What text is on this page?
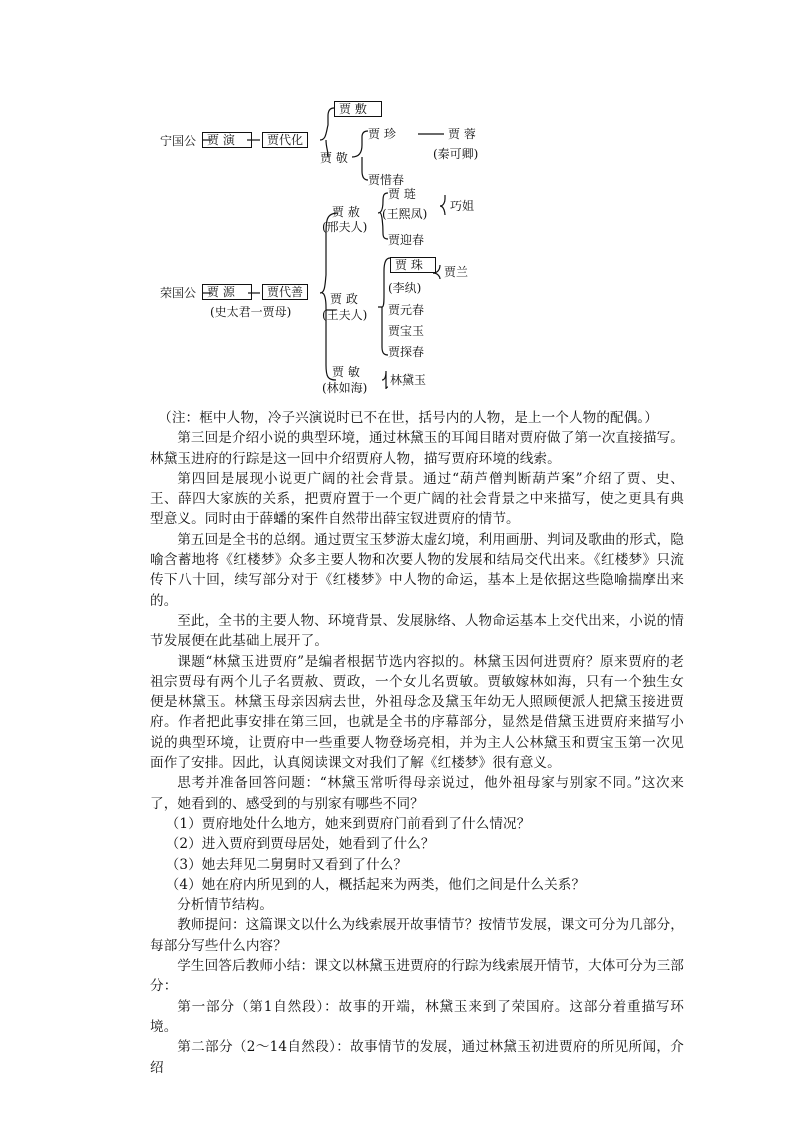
宁国公 贾 演	贾代化
贾 敷
贾 敬
贾 珍	贾 蓉
(秦可卿)
贾惜春
荣国公 贾 源	贾代善
(史太君一贾母)
贾 赦
(邢夫人)
贾 琏
(王熙凤)
巧姐
贾迎春
贾 政
(王夫人)
贾 珠	贾兰
(李纨)
贾元春
贾宝玉
贾探春
贾 敏
(林如海)
林黛玉

（注：框中人物，冷子兴演说时已不在世，括号内的人物，是上一个人物的配偶。）

第三回是介绍小说的典型环境，通过林黛玉的耳闻目睹对贾府做了第一次直接描写。林黛玉进府的行踪是这一回中介绍贾府人物，描写贾府环境的线索。

第四回是展现小说更广阔的社会背景。通过“葫芦僧判断葫芦案”介绍了贾、史、王、薛四大家族的关系，把贾府置于一个更广阔的社会背景之中来描写，使之更具有典型意义。同时由于薛蟠的案件自然带出薛宝钗进贾府的情节。

第五回是全书的总纲。通过贾宝玉梦游太虚幻境，利用画册、判词及歌曲的形式，隐喻含蓄地将《红楼梦》众多主要人物和次要人物的发展和结局交代出来。《红楼梦》只流传下八十回，续写部分对于《红楼梦》中人物的命运，基本上是依据这些隐喻揣摩出来的。

至此，全书的主要人物、环境背景、发展脉络、人物命运基本上交代出来，小说的情节发展便在此基础上展开了。

课题“林黛玉进贾府”是编者根据节选内容拟的。林黛玉因何进贾府？原来贾府的老祖宗贾母有两个儿子名贾赦、贾政，一个女儿名贾敏。贾敏嫁林如海，只有一个独生女便是林黛玉。林黛玉母亲因病去世，外祖母念及黛玉年幼无人照顾便派人把黛玉接进贾府。作者把此事安排在第三回，也就是全书的序幕部分，显然是借黛玉进贾府来描写小说的典型环境，让贾府中一些重要人物登场亮相，并为主人公林黛玉和贾宝玉第一次见面作了安排。因此，认真阅读课文对我们了解《红楼梦》很有意义。

思考并准备回答问题：“林黛玉常听得母亲说过，他外祖母家与别家不同。”这次来了，她看到的、感受到的与别家有哪些不同？

（1）贾府地处什么地方，她来到贾府门前看到了什么情况？

（2）进入贾府到贾母居处，她看到了什么？

（3）她去拜见二舅舅时又看到了什么？

（4）她在府内所见到的人，概括起来为两类，他们之间是什么关系？

分析情节结构。

教师提问：这篇课文以什么为线索展开故事情节？按情节发展，课文可分为几部分，每部分写些什么内容？

学生回答后教师小结：课文以林黛玉进贾府的行踪为线索展开情节，大体可分为三部分：

第一部分（第1自然段）：故事的开端，林黛玉来到了荣国府。这部分着重描写环境。

第二部分（2～14自然段）：故事情节的发展，通过林黛玉初进贾府的所见所闻，介绍
